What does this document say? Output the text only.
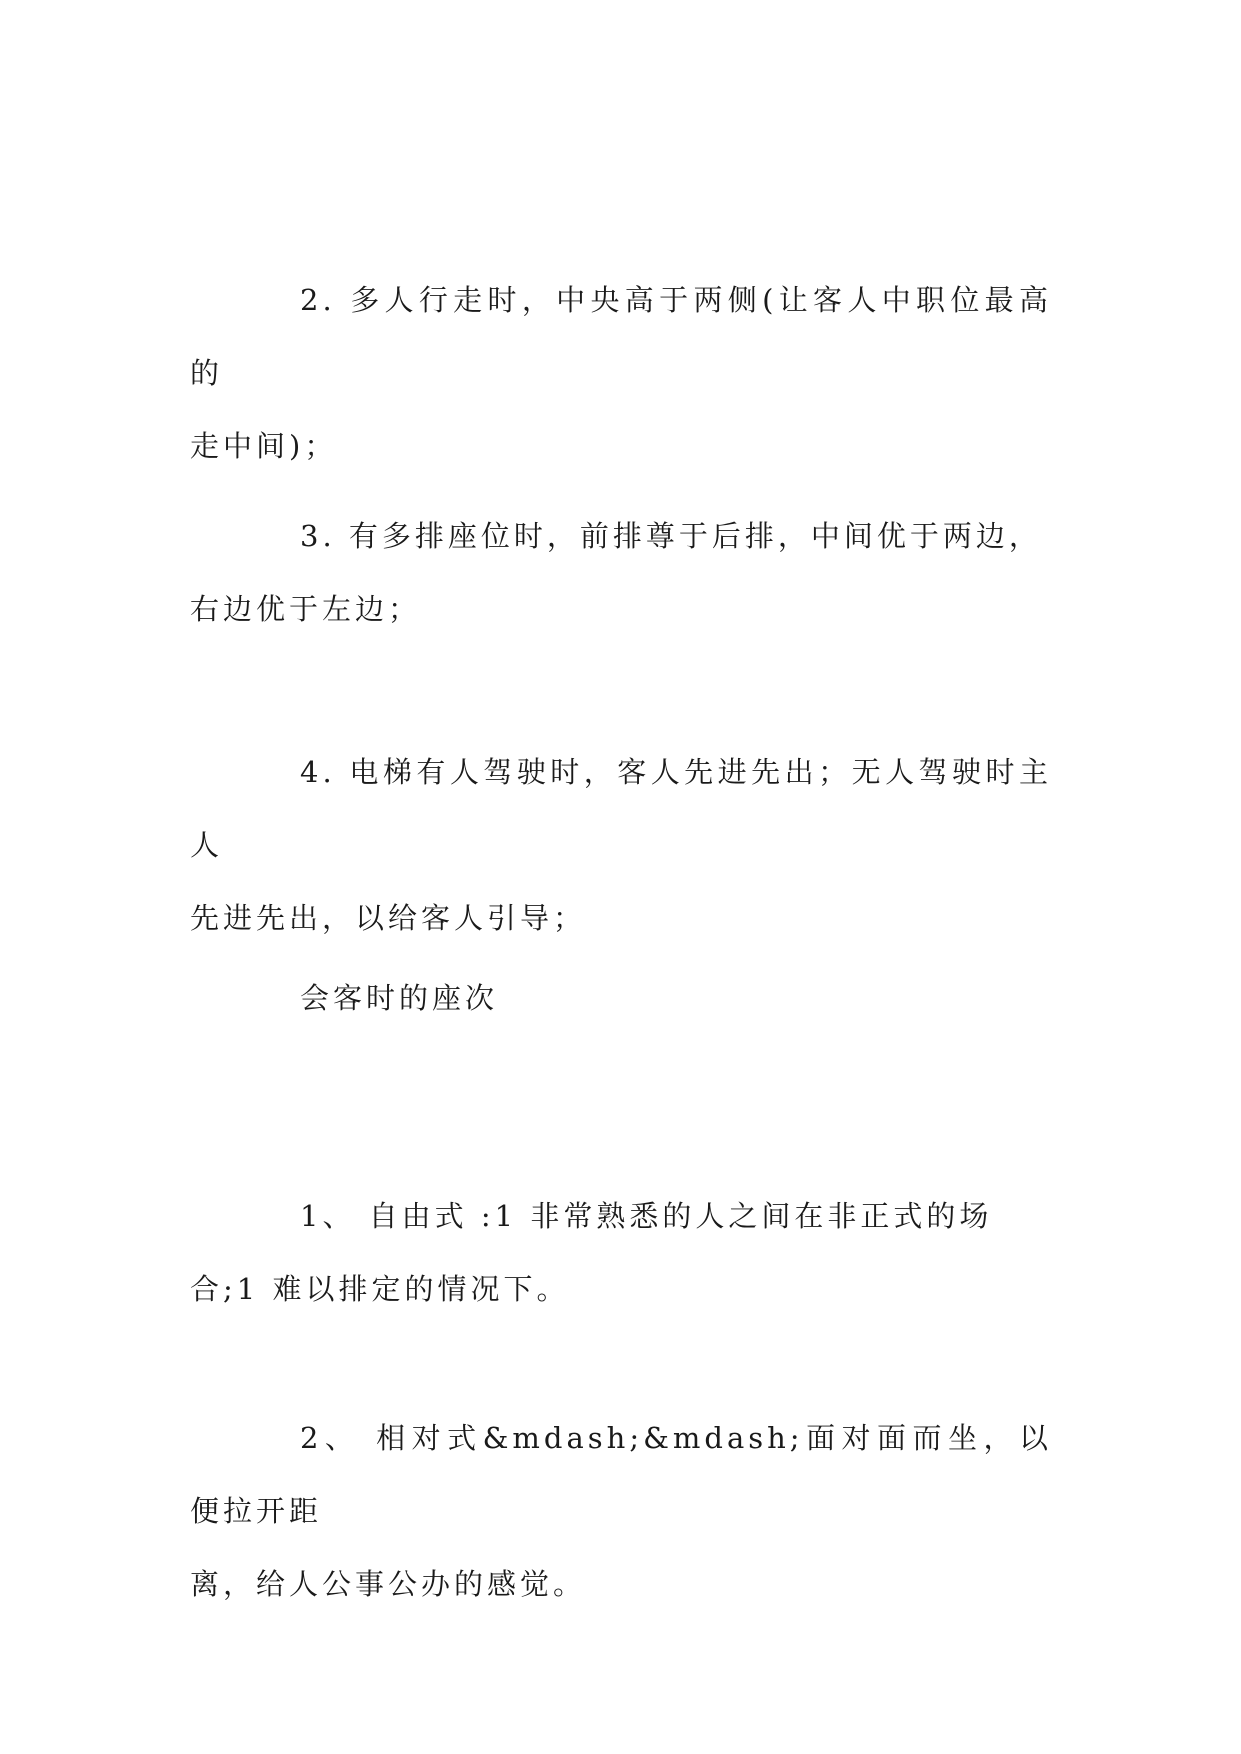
2. 多人行走时，中央高于两侧(让客人中职位最高的
走中间)；

3. 有多排座位时，前排尊于后排，中间优于两边，
右边优于左边；

4. 电梯有人驾驶时，客人先进先出；无人驾驶时主人
先进先出，以给客人引导；

会客时的座次

1、 自由式 :1 非常熟悉的人之间在非正式的场
合;1 难以排定的情况下。

2、 相对式&mdash;&mdash;面对面而坐，以便拉开距
离，给人公事公办的感觉。
